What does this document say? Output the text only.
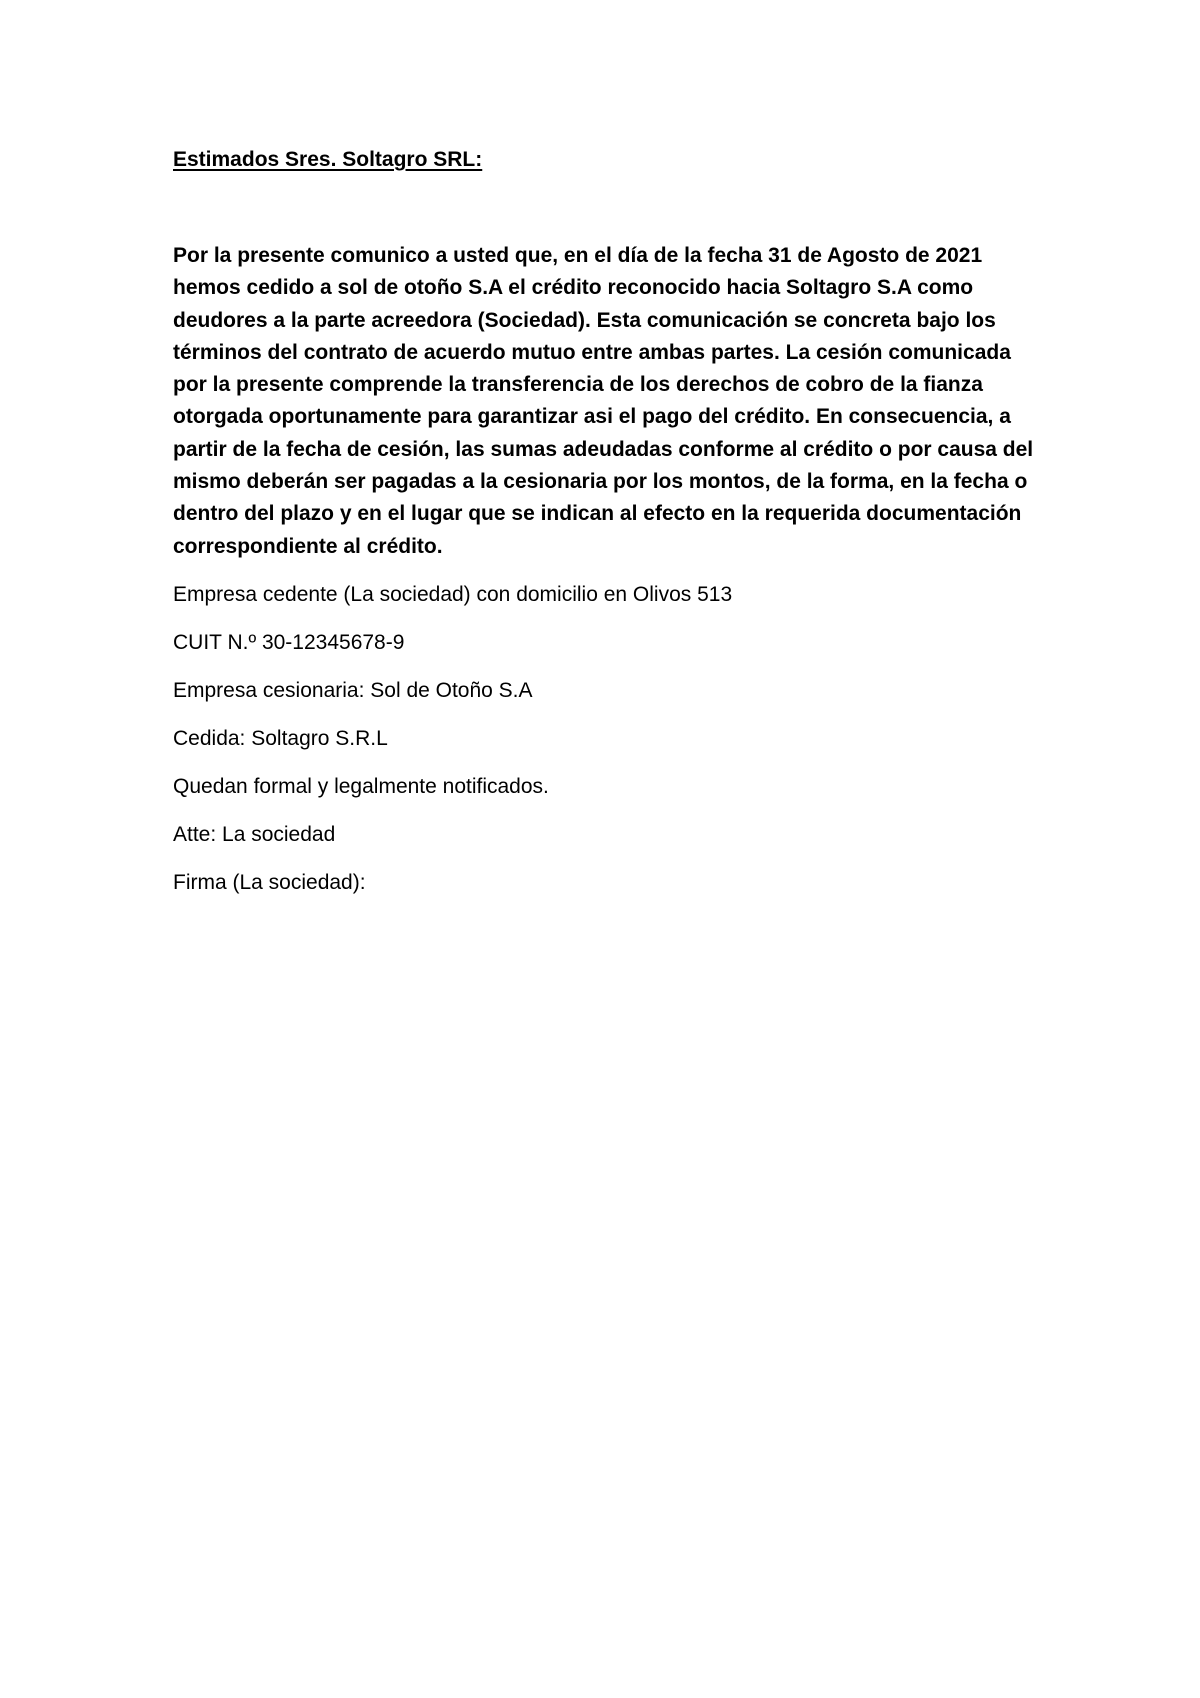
Estimados Sres. Soltagro SRL:

Por la presente comunico a usted que, en el día de la fecha 31 de Agosto de 2021
hemos cedido a sol de otoño S.A el crédito reconocido hacia Soltagro S.A como
deudores a la parte acreedora (Sociedad). Esta comunicación se concreta bajo los
términos del contrato de acuerdo mutuo entre ambas partes. La cesión comunicada
por la presente comprende la transferencia de los derechos de cobro de la fianza
otorgada oportunamente para garantizar asi el pago del crédito. En consecuencia, a
partir de la fecha de cesión, las sumas adeudadas conforme al crédito o por causa del
mismo deberán ser pagadas a la cesionaria por los montos, de la forma, en la fecha o
dentro del plazo y en el lugar que se indican al efecto en la requerida documentación
correspondiente al crédito.

Empresa cedente (La sociedad) con domicilio en Olivos 513

CUIT N.º 30-12345678-9

Empresa cesionaria: Sol de Otoño S.A

Cedida: Soltagro S.R.L

Quedan formal y legalmente notificados.

Atte: La sociedad

Firma (La sociedad):
